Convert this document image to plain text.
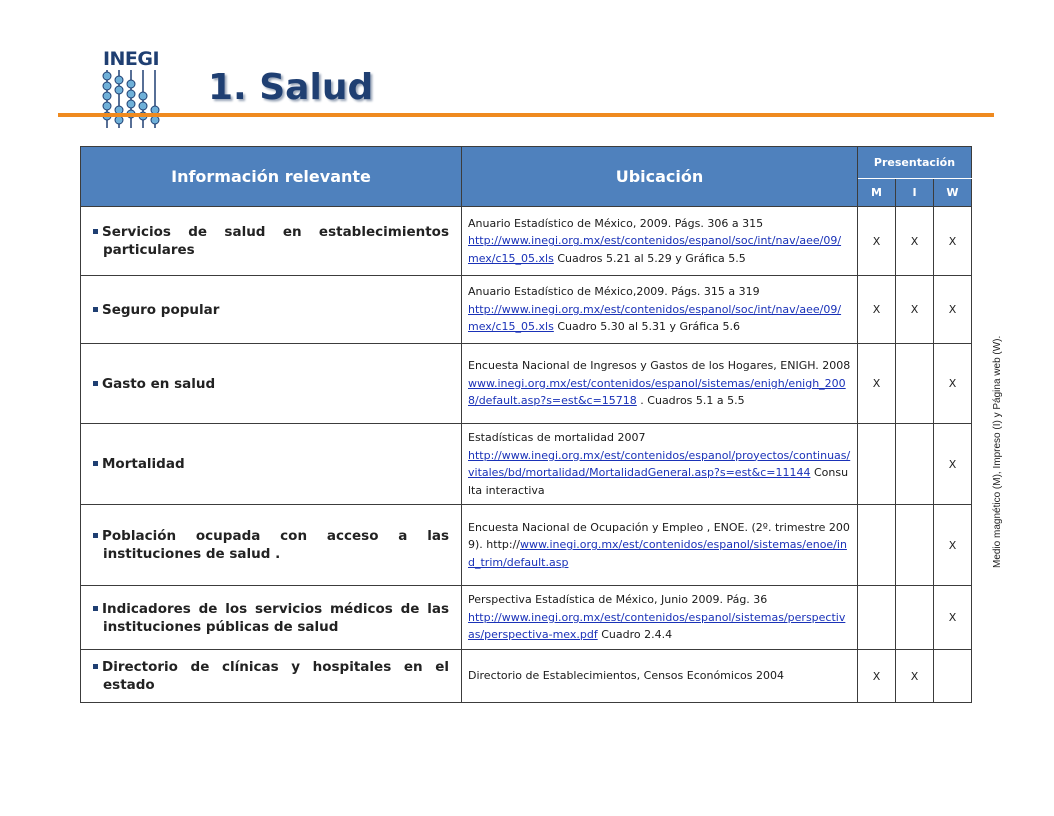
INEGI
1. Salud
Medio magnético (M), Impreso (I) y Página web (W).
Información relevante	Ubicación	Presentación		
		M	I	W

Servicios de salud en establecimientos particulares	Anuario Estadístico de México, 2009. Págs. 306 a 315
http://www.inegi.org.mx/est/contenidos/espanol/soc/int/nav/aee/09/mex/c15_05.xls Cuadros 5.21 al 5.29 y Gráfica 5.5	X	X	X

Seguro popular	Anuario Estadístico de México,2009. Págs. 315 a 319
http://www.inegi.org.mx/est/contenidos/espanol/soc/int/nav/aee/09/mex/c15_05.xls Cuadro 5.30 al 5.31 y Gráfica 5.6	X	X	X

Gasto en salud	Encuesta Nacional de Ingresos y Gastos de los Hogares, ENIGH. 2008
www.inegi.org.mx/est/contenidos/espanol/sistemas/enigh/enigh_2008/default.asp?s=est&c=15718 . Cuadros 5.1 a 5.5	X		X

Mortalidad	Estadísticas de mortalidad 2007
http://www.inegi.org.mx/est/contenidos/espanol/proyectos/continuas/vitales/bd/mortalidad/MortalidadGeneral.asp?s=est&c=11144 Consulta interactiva			X

Población ocupada con acceso a las instituciones de salud .	Encuesta Nacional de Ocupación y Empleo , ENOE. (2º. trimestre 2009). http://www.inegi.org.mx/est/contenidos/espanol/sistemas/enoe/ind_trim/default.asp			X

Indicadores de los servicios médicos de las instituciones públicas de salud	Perspectiva Estadística de México, Junio 2009. Pág. 36
http://www.inegi.org.mx/est/contenidos/espanol/sistemas/perspectivas/perspectiva-mex.pdf Cuadro 2.4.4			X

Directorio de clínicas y hospitales en el estado	Directorio de Establecimientos, Censos Económicos 2004	X	X	
